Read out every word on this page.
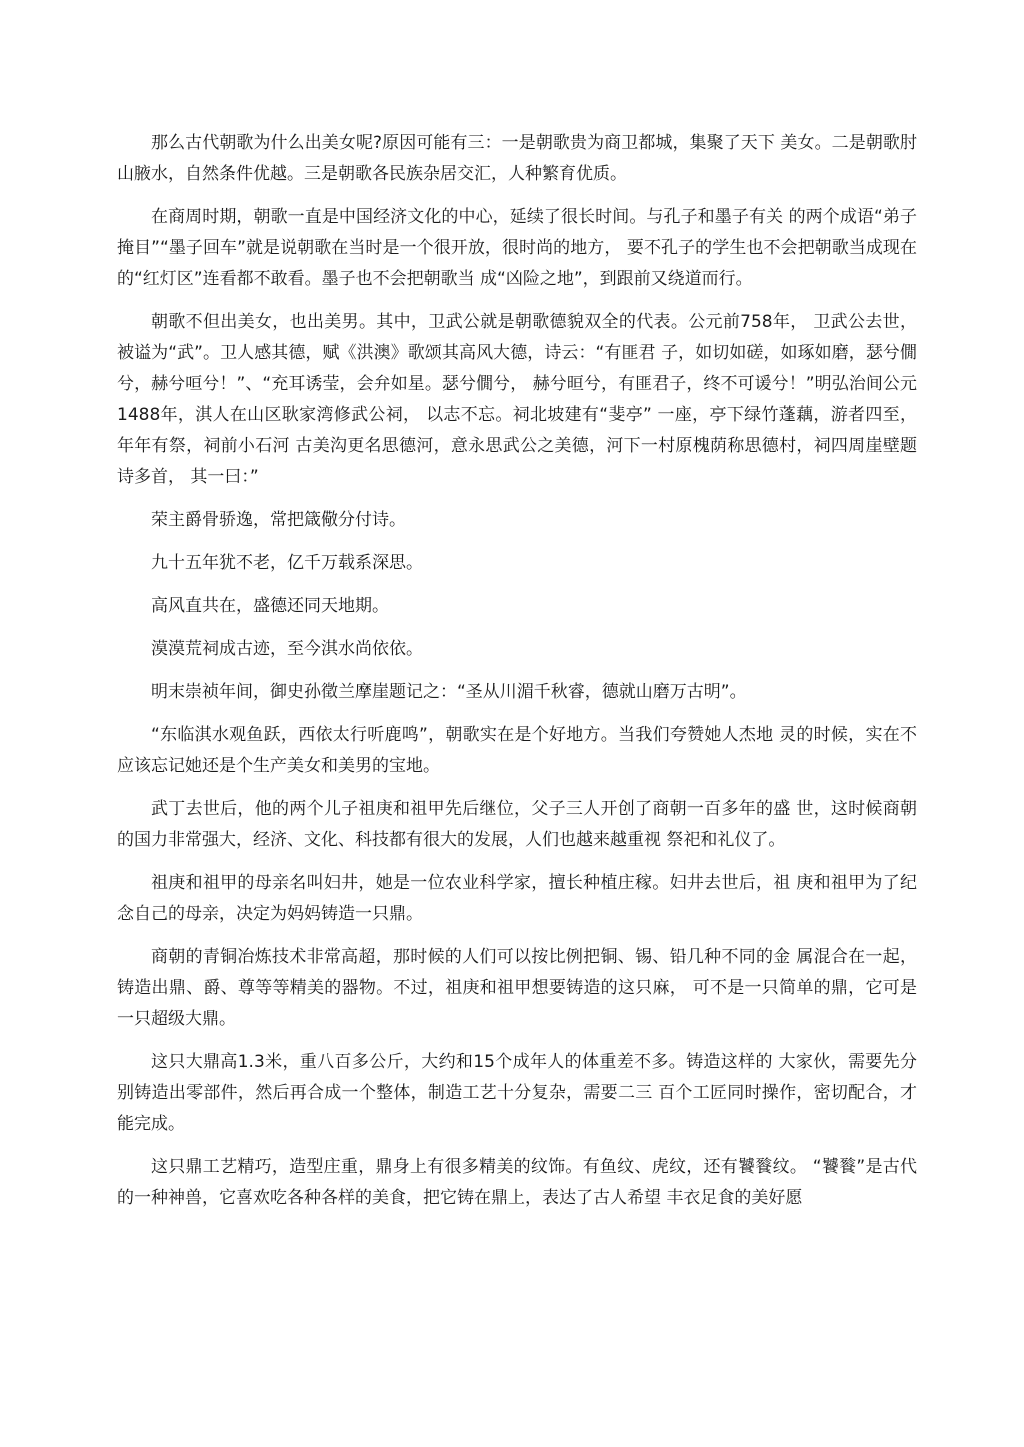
那么古代朝歌为什么出美女呢?原因可能有三：一是朝歌贵为商卫都城，集聚了天下 美女。二是朝歌肘山腋水，自然条件优越。三是朝歌各民族杂居交汇，人种繁育优质。

在商周时期，朝歌一直是中国经济文化的中心，延续了很长时间。与孔子和墨子有关 的两个成语“弟子掩目”“墨子回车”就是说朝歌在当时是一个很开放，很时尚的地方， 要不孔子的学生也不会把朝歌当成现在的“红灯区”连看都不敢看。墨子也不会把朝歌当 成“凶险之地”，到跟前又绕道而行。

朝歌不但出美女，也出美男。其中，卫武公就是朝歌德貌双全的代表。公元前758年， 卫武公去世，被谥为“武”。卫人感其德，赋《洪澳》歌颂其高风大德，诗云：“有匪君 子，如切如磋，如琢如磨，瑟兮僩兮，赫兮咺兮！”、“充耳诱莹，会弁如星。瑟兮僩兮， 赫兮晅兮，有匪君子，终不可谖兮！”明弘治间公元1488年，淇人在山区耿家湾修武公祠， 以志不忘。祠北坡建有“斐亭” 一座，亭下绿竹蓬藕，游者四至，年年有祭，祠前小石河 古美沟更名思德河，意永思武公之美德，河下一村原槐荫称思德村，祠四周崖壁题诗多首， 其一曰：”

荣主爵骨骄逸，常把箴儆分付诗。

九十五年犹不老，亿千万载系深思。

高风直共在，盛德还同天地期。

漠漠荒祠成古迹，至今淇水尚依依。

明末崇祯年间，御史孙徵兰摩崖题记之：“圣从川湄千秋睿，德就山磨万古明”。

“东临淇水观鱼跃，西依太行听鹿鸣”，朝歌实在是个好地方。当我们夸赞她人杰地 灵的时候，实在不应该忘记她还是个生产美女和美男的宝地。

武丁去世后，他的两个儿子祖庚和祖甲先后继位，父子三人开创了商朝一百多年的盛 世，这时候商朝的国力非常强大，经济、文化、科技都有很大的发展，人们也越来越重视 祭祀和礼仪了。

祖庚和祖甲的母亲名叫妇井，她是一位农业科学家，擅长种植庄稼。妇井去世后，祖 庚和祖甲为了纪念自己的母亲，决定为妈妈铸造一只鼎。

商朝的青铜冶炼技术非常高超，那时候的人们可以按比例把铜、锡、铅几种不同的金 属混合在一起，铸造出鼎、爵、尊等等精美的器物。不过，祖庚和祖甲想要铸造的这只麻， 可不是一只简单的鼎，它可是一只超级大鼎。

这只大鼎高1.3米，重八百多公斤，大约和15个成年人的体重差不多。铸造这样的 大家伙，需要先分别铸造出零部件，然后再合成一个整体，制造工艺十分复杂，需要二三 百个工匠同时操作，密切配合，才能完成。

这只鼎工艺精巧，造型庄重，鼎身上有很多精美的纹饰。有鱼纹、虎纹，还有饕餮纹。 “饕餮”是古代的一种神兽，它喜欢吃各种各样的美食，把它铸在鼎上，表达了古人希望 丰衣足食的美好愿
